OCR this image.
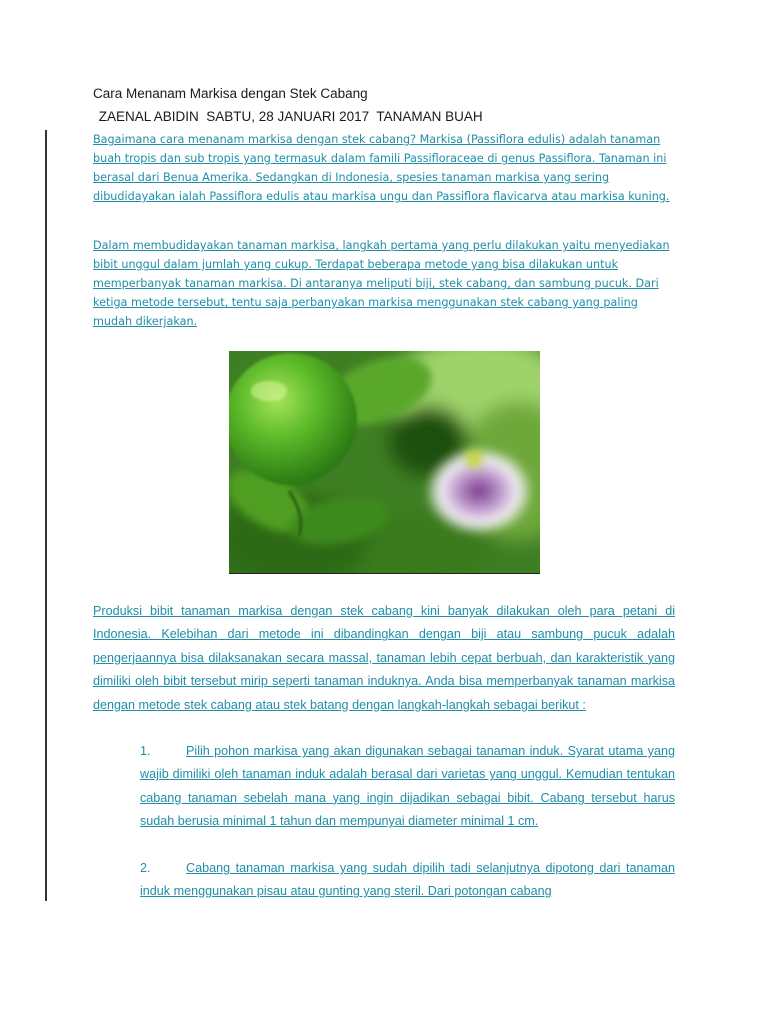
Cara Menanam Markisa dengan Stek Cabang
ZAENAL ABIDIN  SABTU, 28 JANUARI 2017  TANAMAN BUAH

Bagaimana cara menanam markisa dengan stek cabang? Markisa (Passiflora edulis) adalah tanaman buah tropis dan sub tropis yang termasuk dalam famili Passifloraceae di genus Passiflora. Tanaman ini berasal dari Benua Amerika. Sedangkan di Indonesia, spesies tanaman markisa yang sering dibudidayakan ialah Passiflora edulis atau markisa ungu dan Passiflora flavicarva atau markisa kuning.

Dalam membudidayakan tanaman markisa, langkah pertama yang perlu dilakukan yaitu menyediakan bibit unggul dalam jumlah yang cukup. Terdapat beberapa metode yang bisa dilakukan untuk memperbanyak tanaman markisa. Di antaranya meliputi biji, stek cabang, dan sambung pucuk. Dari ketiga metode tersebut, tentu saja perbanyakan markisa menggunakan stek cabang yang paling mudah dikerjakan.

Produksi bibit tanaman markisa dengan stek cabang kini banyak dilakukan oleh para petani di Indonesia. Kelebihan dari metode ini dibandingkan dengan biji atau sambung pucuk adalah pengerjaannya bisa dilaksanakan secara massal, tanaman lebih cepat berbuah, dan karakteristik yang dimiliki oleh bibit tersebut mirip seperti tanaman induknya. Anda bisa memperbanyak tanaman markisa dengan metode stek cabang atau stek batang dengan langkah-langkah sebagai berikut :

1.	Pilih pohon markisa yang akan digunakan sebagai tanaman induk. Syarat utama yang wajib dimiliki oleh tanaman induk adalah berasal dari varietas yang unggul. Kemudian tentukan cabang tanaman sebelah mana yang ingin dijadikan sebagai bibit. Cabang tersebut harus sudah berusia minimal 1 tahun dan mempunyai diameter minimal 1 cm.

2.	Cabang tanaman markisa yang sudah dipilih tadi selanjutnya dipotong dari tanaman induk menggunakan pisau atau gunting yang steril. Dari potongan cabang
